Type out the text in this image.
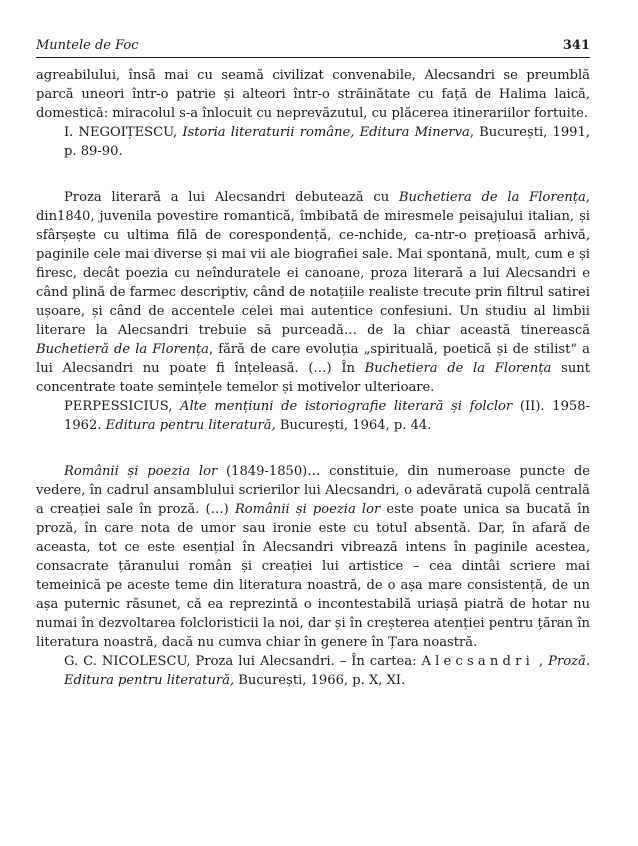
Muntele de Foc	341

agreabilului, însă mai cu seamă civilizat convenabile, Alecsandri se preumblă parcă uneori într-o patrie și alteori într-o străinătate cu față de Halima laică, domestică: miracolul s-a înlocuit cu neprevăzutul, cu plăcerea itinerariilor fortuite.

I. NEGOIȚESCU, Istoria literaturii române, Editura Minerva, București, 1991, p. 89-90.

Proza literară a lui Alecsandri debutează cu Buchetiera de la Florența, din1840, juvenila povestire romantică, îmbibată de miresmele peisajului italian, și sfârșește cu ultima filă de corespondență, ce-nchide, ca-ntr-o prețioasă arhivă, paginile cele mai diverse și mai vii ale biografiei sale. Mai spontană, mult, cum e și firesc, decât poezia cu neînduratele ei canoane, proza literară a lui Alecsandri e când plină de farmec descriptiv, când de notațiile realiste trecute prin filtrul satirei ușoare, și când de accentele celei mai autentice confesiuni. Un studiu al limbii literare la Alecsandri trebuie să purceadă… de la chiar această tinerească Buchetieră de la Florența, fără de care evoluția „spirituală, poetică și de stilist“ a lui Alecsandri nu poate fi înțeleasă. (…) În Buchetiera de la Florența sunt concentrate toate semințele temelor și motivelor ulterioare.

PERPESSICIUS, Alte mențiuni de istoriografie literară și folclor (II). 1958-1962. Editura pentru literatură, București, 1964, p. 44.

Românii și poezia lor (1849-1850)… constituie, din numeroase puncte de vedere, în cadrul ansamblului scrierilor lui Alecsandri, o adevărată cupolă centrală a creației sale în proză. (…) Românii și poezia lor este poate unica sa bucată în proză, în care nota de umor sau ironie este cu totul absentă. Dar, în afară de aceasta, tot ce este esențial în Alecsandri vibrează intens în paginile acestea, consacrate țăranului român și creației lui artistice – cea dintâi scriere mai temeinică pe aceste teme din literatura noastră, de o așa mare consistență, de un așa puternic răsunet, că ea reprezintă o incontestabilă uriașă piatră de hotar nu numai în dezvoltarea folcloristicii la noi, dar și în creșterea atenției pentru țăran în literatura noastră, dacă nu cumva chiar în genere în Țara noastră.

G. C. NICOLESCU, Proza lui Alecsandri. – În cartea: Alecsandri , Proză. Editura pentru literatură, București, 1966, p. X, XI.
